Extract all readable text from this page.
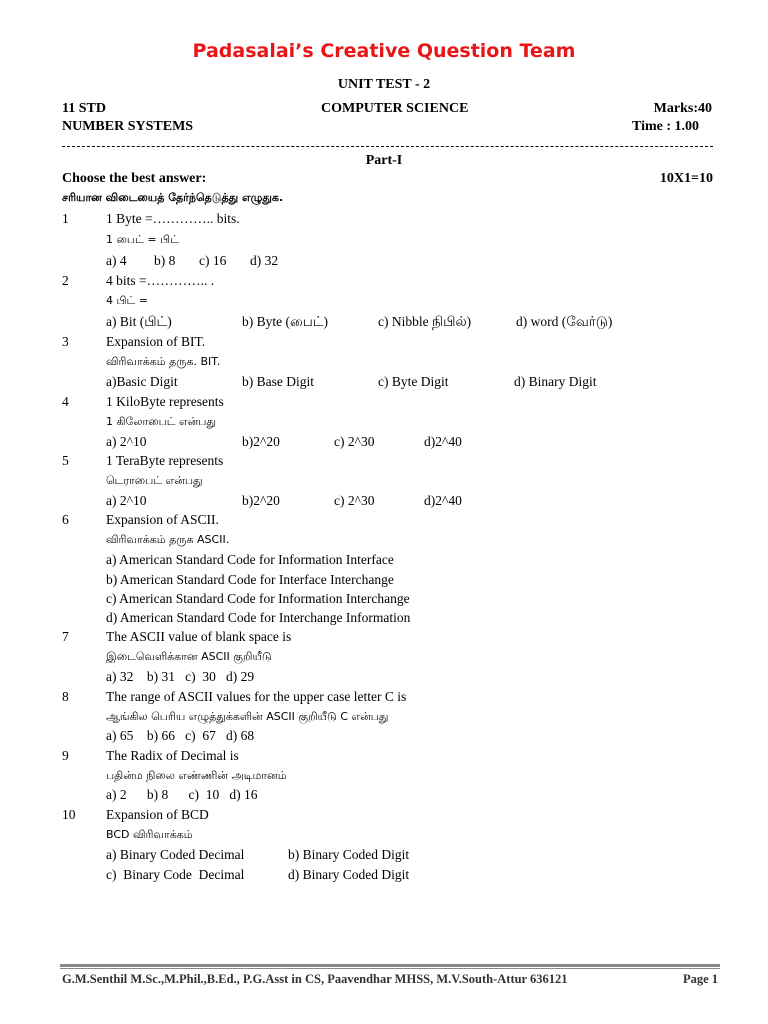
Padasalai’s Creative Question Team
UNIT TEST - 2
11 STD	COMPUTER SCIENCE	Marks:40
NUMBER SYSTEMS	Time : 1.00
Part-I
Choose the best answer:	10X1=10
சரியான விடையைத் தேர்ந்தெடுத்து எழுதுக.
1	1 Byte =………….. bits.
1 பைட் = பிட்
a) 4 b) 8 c) 16 d) 32
2	4 bits =………….. .
4 பிட் =
a) Bit (பிட்)	b) Byte (பைட்)	c) Nibble நிபில்)	d) word (வேர்டு)
3	Expansion of BIT.
விரிவாக்கம் தருக. BIT.
a)Basic Digit	b) Base Digit	c) Byte Digit	d) Binary Digit
4	1 KiloByte represents
1 கிலோபைட் என்பது
a) 2^10	b)2^20	c) 2^30	d)2^40
5	1 TeraByte represents
டெராபைட் என்பது
a) 2^10	b)2^20	c) 2^30	d)2^40
6	Expansion of ASCII.
விரிவாக்கம் தருக ASCII.
a) American Standard Code for Information Interface
b) American Standard Code for Interface Interchange
c) American Standard Code for Information Interchange
d) American Standard Code for Interchange Information
7	The ASCII value of blank space is
இடைவெளிக்கான ASCII குறியீடு
a) 32    b) 31   c)  30   d) 29
8	The range of ASCII values for the upper case letter C is
ஆங்கில பெரிய எழுத்துக்களின் ASCII குறியீடு C என்பது
a) 65    b) 66   c)  67   d) 68
9	The Radix of Decimal is
பதின்ம நிலை எண்ணின் அடிமானம்
a) 2      b) 8      c)  10   d) 16
10 Expansion of BCD
BCD விரிவாக்கம்
a) Binary Coded Decimal	b) Binary Coded Digit
c)  Binary Code  Decimal	d) Binary Coded Digit
G.M.Senthil M.Sc.,M.Phil.,B.Ed., P.G.Asst in CS, Paavendhar MHSS, M.V.South-Attur 636121	Page 1
